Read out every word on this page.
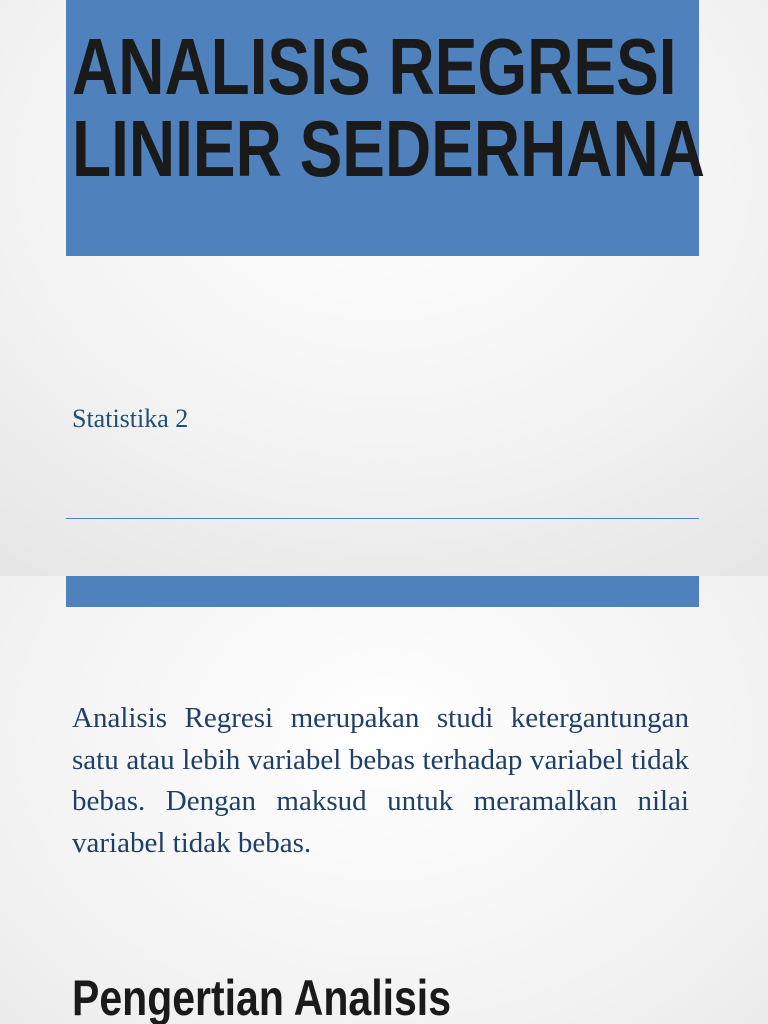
ANALISIS REGRESI
LINIER SEDERHANA

Statistika 2

Analisis Regresi merupakan studi ketergantungan satu atau lebih variabel bebas terhadap variabel tidak bebas. Dengan maksud untuk meramalkan nilai variabel tidak bebas.

Pengertian Analisis
